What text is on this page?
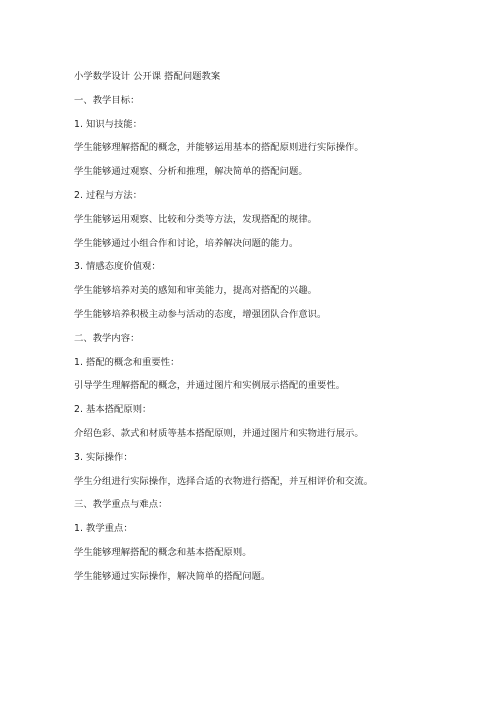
小学数学设计 公开课 搭配问题教案
一、教学目标：
1. 知识与技能：
学生能够理解搭配的概念，并能够运用基本的搭配原则进行实际操作。
学生能够通过观察、分析和推理，解决简单的搭配问题。
2. 过程与方法：
学生能够运用观察、比较和分类等方法，发现搭配的规律。
学生能够通过小组合作和讨论，培养解决问题的能力。
3. 情感态度价值观：
学生能够培养对美的感知和审美能力，提高对搭配的兴趣。
学生能够培养积极主动参与活动的态度，增强团队合作意识。
二、教学内容：
1. 搭配的概念和重要性：
引导学生理解搭配的概念，并通过图片和实例展示搭配的重要性。
2. 基本搭配原则：
介绍色彩、款式和材质等基本搭配原则，并通过图片和实物进行展示。
3. 实际操作：
学生分组进行实际操作，选择合适的衣物进行搭配，并互相评价和交流。
三、教学重点与难点：
1. 教学重点：
学生能够理解搭配的概念和基本搭配原则。
学生能够通过实际操作，解决简单的搭配问题。
